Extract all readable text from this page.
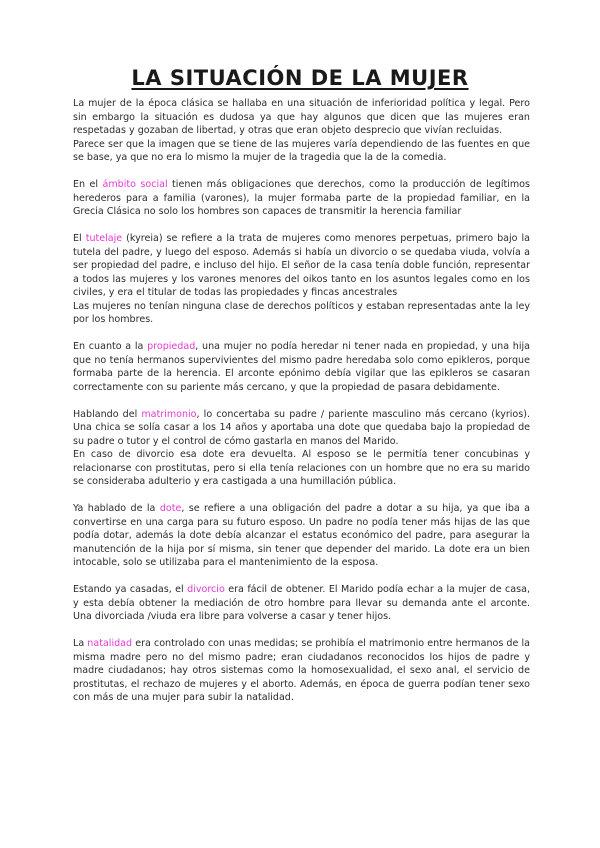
LA SITUACIÓN DE LA MUJER

La mujer de la época clásica se hallaba en una situación de inferioridad política y legal. Pero sin embargo la situación es dudosa ya que hay algunos que dicen que las mujeres eran respetadas y gozaban de libertad, y otras que eran objeto desprecio que vivían recluidas.

Parece ser que la imagen que se tiene de las mujeres varía dependiendo de las fuentes en que se base, ya que no era lo mismo la mujer de la tragedia que la de la comedia.

En el ámbito social tienen más obligaciones que derechos, como la producción de legítimos herederos para a familia (varones), la mujer formaba parte de la propiedad familiar, en la Grecia Clásica no solo los hombres son capaces de transmitir la herencia familiar

El tutelaje (kyreia) se refiere a la trata de mujeres como menores perpetuas, primero bajo la tutela del padre, y luego del esposo. Además si había un divorcio o se quedaba viuda, volvía a ser propiedad del padre, e incluso del hijo. El señor de la casa tenía doble función, representar a todos las mujeres y los varones menores del oikos tanto en los asuntos legales como en los civiles, y era el titular de todas las propiedades y fincas ancestrales

Las mujeres no tenían ninguna clase de derechos políticos y estaban representadas ante la ley por los hombres.

En cuanto a la propiedad, una mujer no podía heredar ni tener nada en propiedad, y una hija que no tenía hermanos supervivientes del mismo padre heredaba solo como epikleros, porque formaba parte de la herencia. El arconte epónimo debía vigilar que las epikleros se casaran correctamente con su pariente más cercano, y que la propiedad de pasara debidamente.

Hablando del matrimonio, lo concertaba su padre / pariente masculino más cercano (kyrios). Una chica se solía casar a los 14 años y aportaba una dote que quedaba bajo la propiedad de su padre o tutor y el control de cómo gastarla en manos del Marido.

En caso de divorcio esa dote era devuelta. Al esposo se le permitía tener concubinas y relacionarse con prostitutas, pero si ella tenía relaciones con un hombre que no era su marido se consideraba adulterio y era castigada a una humillación pública.

Ya hablado de la dote, se refiere a una obligación del padre a dotar a su hija, ya que iba a convertirse en una carga para su futuro esposo. Un padre no podía tener más hijas de las que podía dotar, además la dote debía alcanzar el estatus económico del padre, para asegurar la manutención de la hija por sí misma, sin tener que depender del marido. La dote era un bien intocable, solo se utilizaba para el mantenimiento de la esposa.

Estando ya casadas, el divorcio era fácil de obtener. El Marido podía echar a la mujer de casa, y esta debía obtener la mediación de otro hombre para llevar su demanda ante el arconte. Una divorciada /viuda era libre para volverse a casar y tener hijos.

La natalidad era controlado con unas medidas; se prohibía el matrimonio entre hermanos de la misma madre pero no del mismo padre; eran ciudadanos reconocidos los hijos de padre y madre ciudadanos; hay otros sistemas como la homosexualidad, el sexo anal, el servicio de prostitutas, el rechazo de mujeres y el aborto. Además, en época de guerra podían tener sexo con más de una mujer para subir la natalidad.
